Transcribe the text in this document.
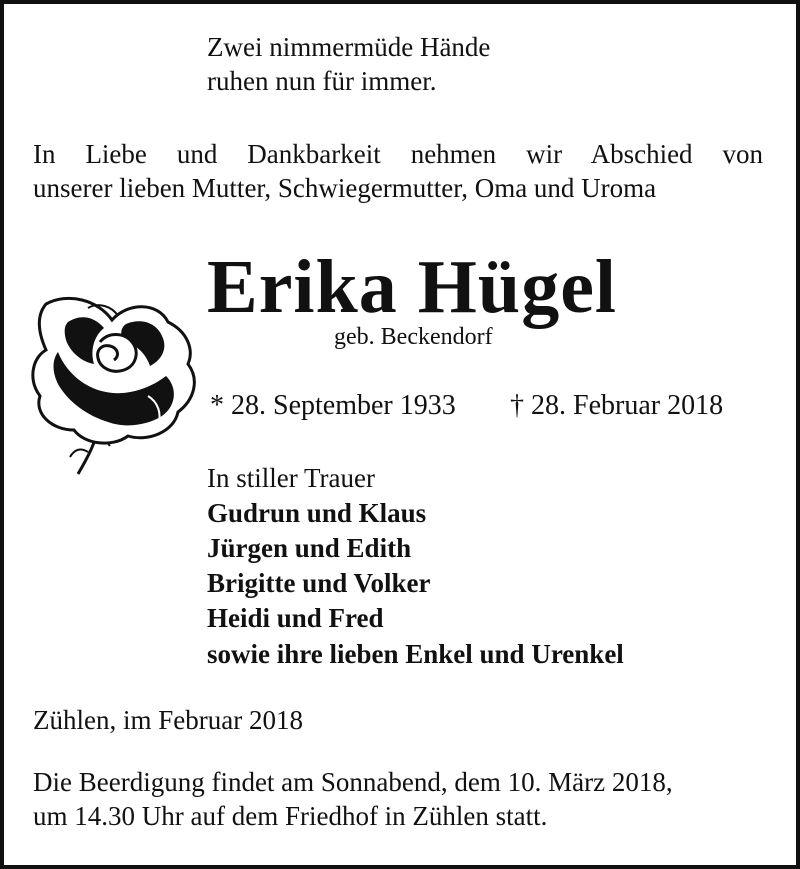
Zwei nimmermüde Hände
ruhen nun für immer.
In Liebe und Dankbarkeit nehmen wir Abschied von
unserer lieben Mutter, Schwiegermutter, Oma und Uroma
Erika Hügel
geb. Beckendorf
* 28. September 1933 † 28. Februar 2018
In stiller Trauer
Gudrun und Klaus
Jürgen und Edith
Brigitte und Volker
Heidi und Fred
sowie ihre lieben Enkel und Urenkel
Zühlen, im Februar 2018
Die Beerdigung findet am Sonnabend, dem 10. März 2018,
um 14.30 Uhr auf dem Friedhof in Zühlen statt.
